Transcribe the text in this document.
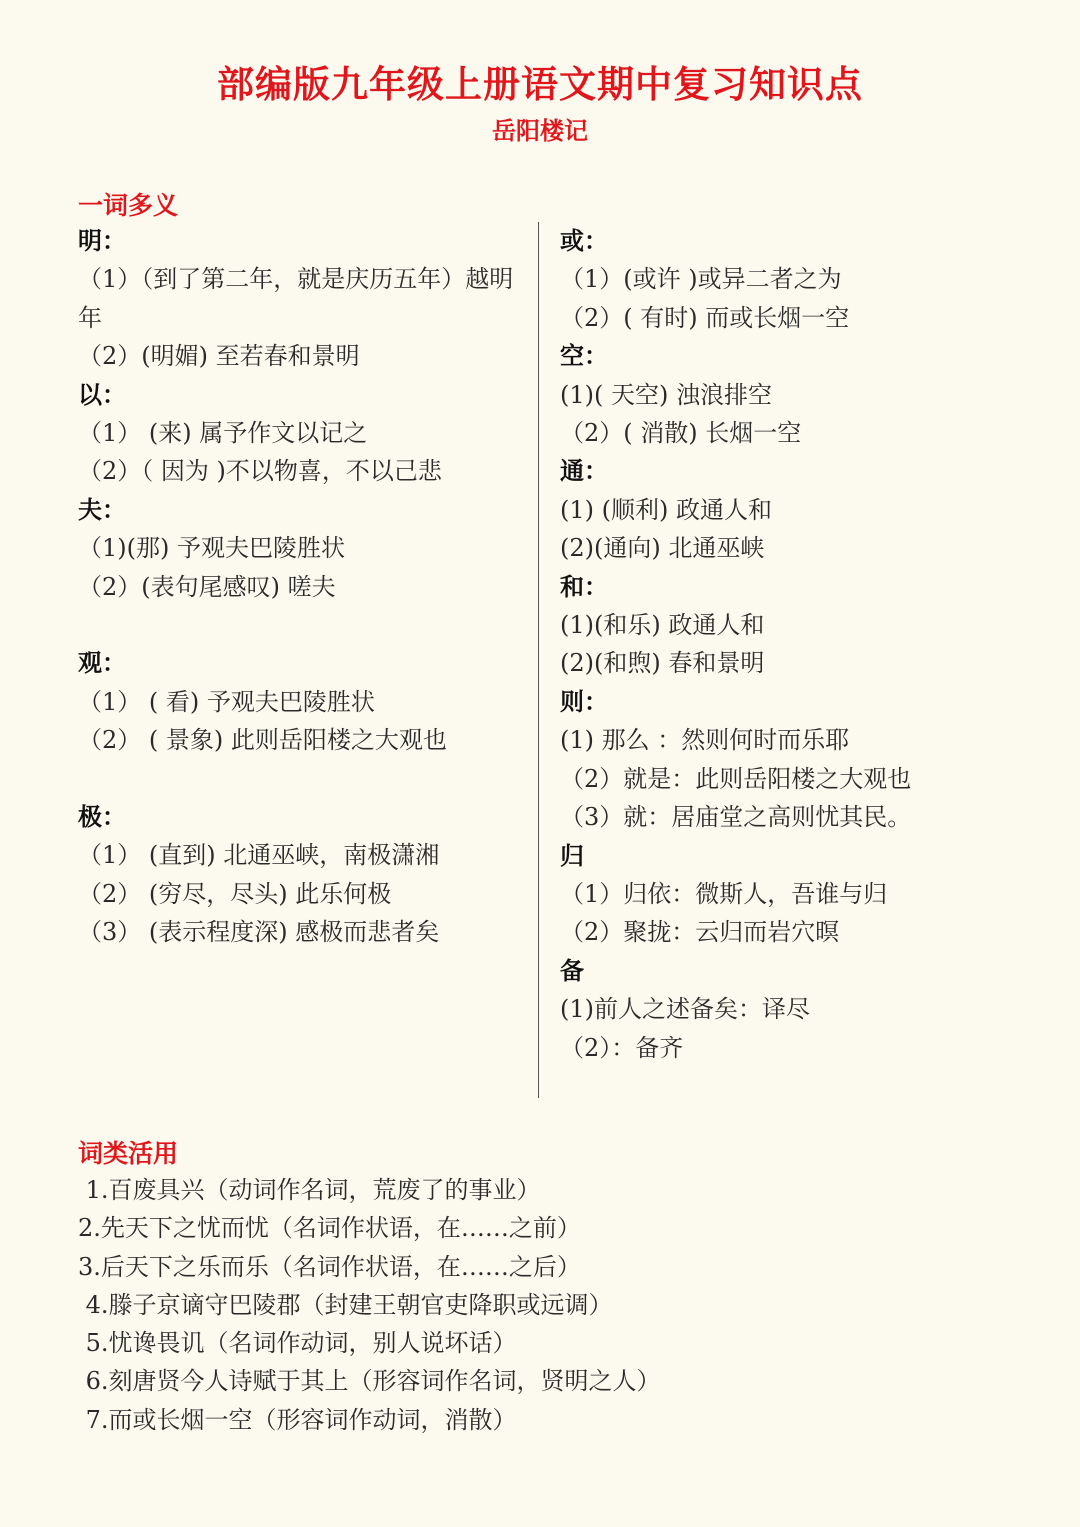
部编版九年级上册语文期中复习知识点
岳阳楼记
一词多义
明：
（1）（到了第二年，就是庆历五年）越明年
（2）(明媚) 至若春和景明
以：
（1） (来) 属予作文以记之
（2）（ 因为 )不以物喜，不以己悲
夫：
（1)(那) 予观夫巴陵胜状
（2）(表句尾感叹) 嗟夫
观：
（1） ( 看) 予观夫巴陵胜状
（2） ( 景象) 此则岳阳楼之大观也
极：
（1） (直到) 北通巫峡，南极潇湘
（2） (穷尽，尽头) 此乐何极
（3） (表示程度深) 感极而悲者矣
或：
（1）(或许 )或异二者之为
（2）( 有时) 而或长烟一空
空：
(1)( 天空) 浊浪排空
（2）( 消散) 长烟一空
通：
(1) (顺利) 政通人和
(2)(通向) 北通巫峡
和：
(1)(和乐) 政通人和
(2)(和煦) 春和景明
则：
(1) 那么 ：然则何时而乐耶
（2）就是：此则岳阳楼之大观也
（3）就：居庙堂之高则忧其民。
归
（1）归依：微斯人，吾谁与归
（2）聚拢：云归而岩穴暝
备
(1)前人之述备矣：译尽
（2）：备齐
词类活用
1.百废具兴（动词作名词，荒废了的事业）
2.先天下之忧而忧（名词作状语，在……之前）
3.后天下之乐而乐（名词作状语，在……之后）
4.滕子京谪守巴陵郡（封建王朝官吏降职或远调）
5.忧谗畏讥（名词作动词，别人说坏话）
6.刻唐贤今人诗赋于其上（形容词作名词，贤明之人）
7.而或长烟一空（形容词作动词，消散）
